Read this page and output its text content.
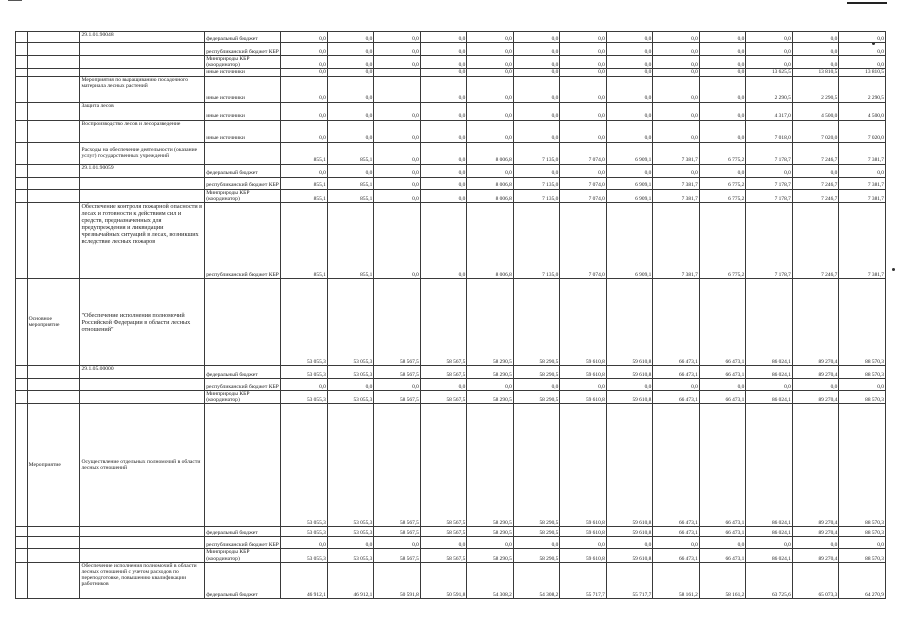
		29.1.01.90048	федеральный бюджет	0,0	0,0	0,0	0,0	0,0	0,0	0,0	0,0	0,0	0,0	0,0	0,0	0,0
			республиканский бюджет КБР	0,0	0,0	0,0	0,0	0,0	0,0	0,0	0,0	0,0	0,0	0,0	0,0	0,0
			Минприроды КБР (координатор)	0,0	0,0	0,0	0,0	0,0	0,0	0,0	0,0	0,0	0,0	0,0	0,0	0,0
			иные источники	0,0	0,0		0,0	0,0	0,0	0,0	0,0	0,0	0,0	13 625,5	13 810,5	13 810,5
		Мероприятия по выращиванию посадочного материала лесных растений	иные источники	0,0	0,0		0,0	0,0	0,0	0,0	0,0	0,0	0,0	2 290,5	2 290,5	2 290,5
		Защита лесов	иные источники	0,0	0,0	0,0	0,0	0,0	0,0	0,0	0,0	0,0	0,0	4 317,0	4 500,0	4 500,0
		Воспроизводство лесов и лесоразведение	иные источники	0,0	0,0	0,0	0,0	0,0	0,0	0,0	0,0	0,0	0,0	7 018,0	7 020,0	7 020,0
		Расходы на обеспечение деятельности (оказание услуг) государственных учреждений		855,1	855,1	0,0	0,0	8 006,8	7 135,0	7 074,0	6 909,1	7 381,7	6 775,2	7 178,7	7 246,7	7 381,7
		29.1.01.90059	федеральный бюджет	0,0	0,0	0,0	0,0	0,0	0,0	0,0	0,0	0,0	0,0	0,0	0,0	0,0
			республиканский бюджет КБР	855,1	855,1	0,0	0,0	8 006,8	7 135,0	7 074,0	6 909,1	7 381,7	6 775,2	7 178,7	7 246,7	7 381,7
			Минприроды КБР (координатор)	855,1	855,1	0,0	0,0	8 006,8	7 135,0	7 074,0	6 909,1	7 381,7	6 775,2	7 178,7	7 246,7	7 381,7
		Обеспечение контроля пожарной опасности в лесах и готовности к действиям сил и средств, предназначенных для предупреждения и ликвидации чрезвычайных ситуаций в лесах, возникших вследствие лесных пожаров	республиканский бюджет КБР	855,1	855,1	0,0	0,0	8 006,8	7 135,0	7 074,0	6 909,1	7 381,7	6 775,2	7 178,7	7 246,7	7 381,7
	Основное мероприятие	"Обеспечение исполнения полномочий Российской Федерации в области лесных отношений"		53 055,3	53 055,3	58 567,5	58 567,5	58 290,5	58 290,5	59 610,8	59 610,8	66 473,1	66 473,1	86 024,1	89 270,4	88 570,3
		29.1.05.00000	федеральный бюджет	53 055,3	53 055,3	58 567,5	58 567,5	58 290,5	58 290,5	59 610,8	59 610,8	66 473,1	66 473,1	86 024,1	89 270,4	88 570,3
			республиканский бюджет КБР	0,0	0,0	0,0	0,0	0,0	0,0	0,0	0,0	0,0	0,0	0,0	0,0	0,0
			Минприроды КБР (координатор)	53 055,3	53 055,3	58 567,5	58 567,5	58 290,5	58 290,5	59 610,8	59 610,8	66 473,1	66 473,1	86 024,1	89 270,4	88 570,3
	Мероприятие	Осуществление отдельных полномочий в области лесных отношений		53 055,3	53 055,3	58 567,5	58 567,5	58 290,5	58 290,5	59 610,8	59 610,8	66 473,1	66 473,1	86 024,1	89 270,4	88 570,3
			федеральный бюджет	53 055,3	53 055,3	58 567,5	58 567,5	58 290,5	58 290,5	59 610,8	59 610,8	66 473,1	66 473,1	86 024,1	89 270,4	88 570,3
			республиканский бюджет КБР	0,0	0,0	0,0	0,0	0,0	0,0	0,0	0,0	0,0	0,0	0,0	0,0	0,0
			Минприроды КБР (координатор)	53 055,3	53 055,3	58 567,5	58 567,5	58 290,5	58 290,5	59 610,8	59 610,8	66 473,1	66 473,1	86 024,1	89 270,4	88 570,3
		Обеспечение исполнения полномочий в области лесных отношений с учетом расходов по переподготовке, повышению квалификации работников	федеральный бюджет	46 912,1	46 912,1	50 591,8	50 591,8	54 308,2	54 308,2	55 717,7	55 717,7	58 161,2	58 161,2	63 725,6	65 073,3	64 270,9
